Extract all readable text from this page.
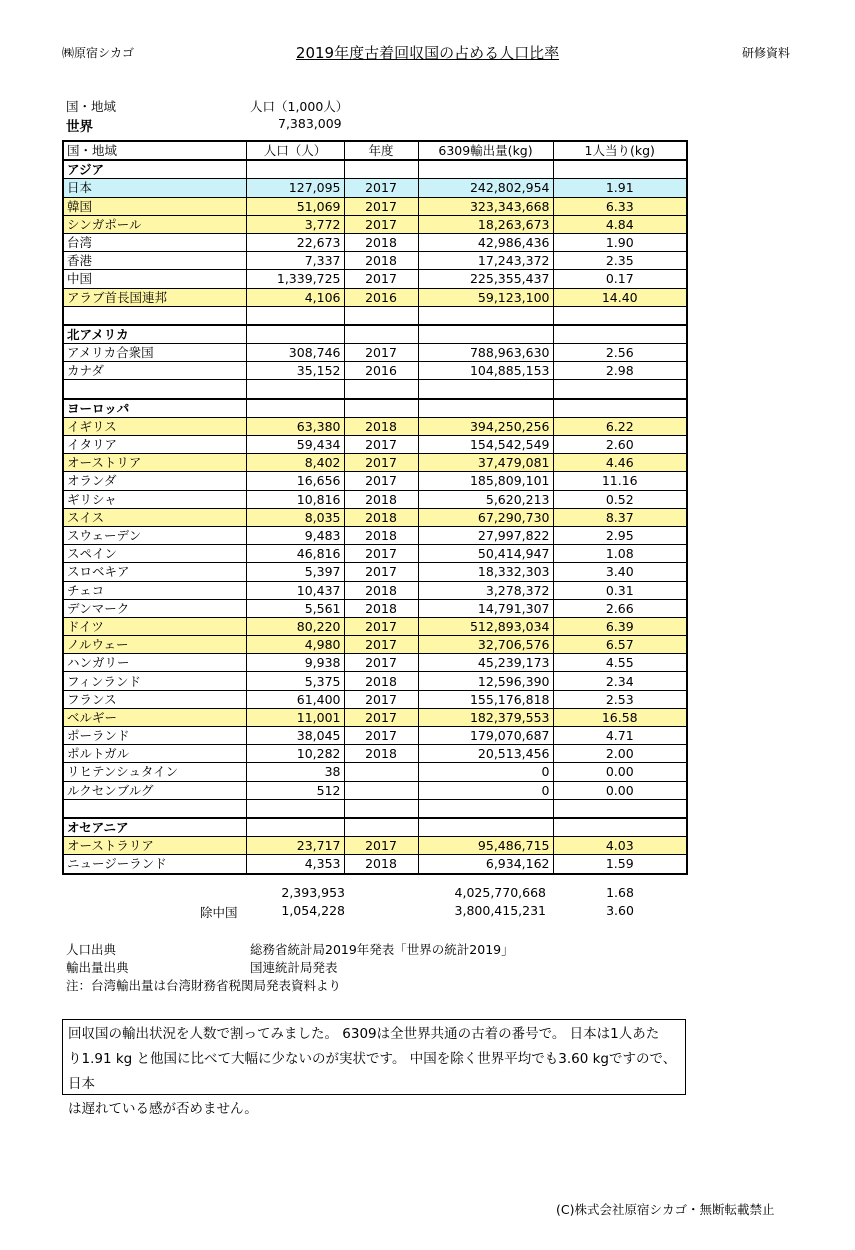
㈱原宿シカゴ	2019年度古着回収国の占める人口比率	研修資料
国・地域	人口（1,000人）
世界	7,383,009
国・地域	人口（人）	年度	6309輸出量(kg)	1人当り(kg)
アジア				
日本	127,095	2017	242,802,954	1.91
韓国	51,069	2017	323,343,668	6.33
シンガポール	3,772	2017	18,263,673	4.84
台湾	22,673	2018	42,986,436	1.90
香港	7,337	2018	17,243,372	2.35
中国	1,339,725	2017	225,355,437	0.17
アラブ首長国連邦	4,106	2016	59,123,100	14.40

北アメリカ				
アメリカ合衆国	308,746	2017	788,963,630	2.56
カナダ	35,152	2016	104,885,153	2.98

ヨーロッパ				
イギリス	63,380	2018	394,250,256	6.22
イタリア	59,434	2017	154,542,549	2.60
オーストリア	8,402	2017	37,479,081	4.46
オランダ	16,656	2017	185,809,101	11.16
ギリシャ	10,816	2018	5,620,213	0.52
スイス	8,035	2018	67,290,730	8.37
スウェーデン	9,483	2018	27,997,822	2.95
スペイン	46,816	2017	50,414,947	1.08
スロベキア	5,397	2017	18,332,303	3.40
チェコ	10,437	2018	3,278,372	0.31
デンマーク	5,561	2018	14,791,307	2.66
ドイツ	80,220	2017	512,893,034	6.39
ノルウェー	4,980	2017	32,706,576	6.57
ハンガリー	9,938	2017	45,239,173	4.55
フィンランド	5,375	2018	12,596,390	2.34
フランス	61,400	2017	155,176,818	2.53
ベルギー	11,001	2017	182,379,553	16.58
ポーランド	38,045	2017	179,070,687	4.71
ポルトガル	10,282	2018	20,513,456	2.00
リヒテンシュタイン	38		0	0.00
ルクセンブルグ	512		0	0.00

オセアニア				
オーストラリア	23,717	2017	95,486,715	4.03
ニュージーランド	4,353	2018	6,934,162	1.59
2,393,953	4,025,770,668	1.68
除中国	1,054,228	3,800,415,231	3.60
人口出典	総務省統計局2019年発表「世界の統計2019」
輸出量出典	国連統計局発表
注：台湾輸出量は台湾財務省税関局発表資料より
回収国の輸出状況を人数で割ってみました。 6309は全世界共通の古着の番号で。 日本は1人あた
り1.91 kg と他国に比べて大幅に少ないのが実状です。 中国を除く世界平均でも3.60 kgですので、日本
は遅れている感が否めません。
(C)株式会社原宿シカゴ・無断転載禁止
